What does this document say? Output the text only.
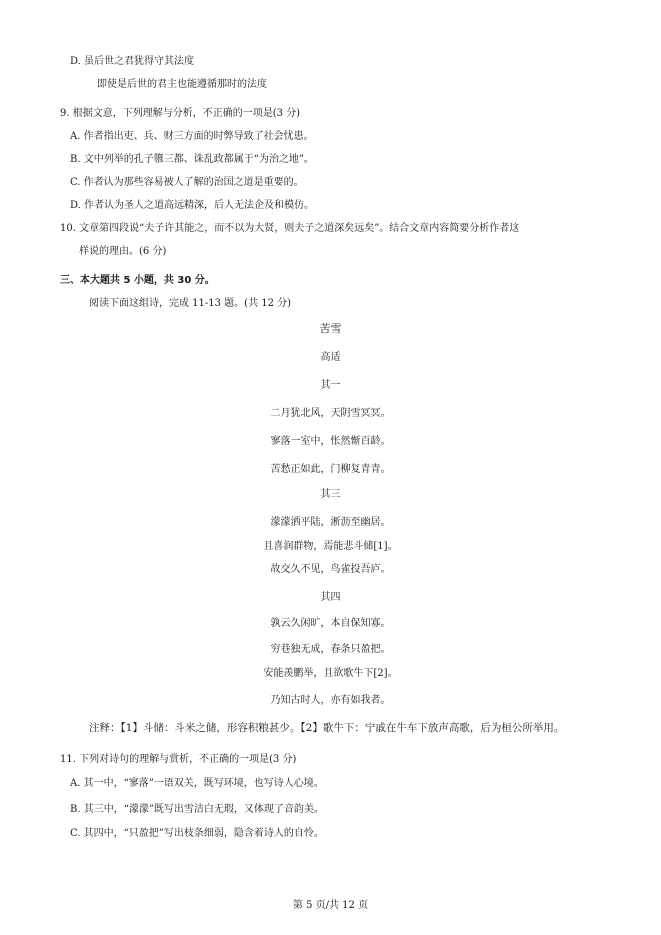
D. 虽后世之君犹得守其法度
即使是后世的君主也能遵循那时的法度
9. 根据文意，下列理解与分析，不正确的一项是(3 分)
A. 作者指出吏、兵、财三方面的时弊导致了社会忧患。
B. 文中列举的孔子隳三都、诛乱政都属于“为治之地”。
C. 作者认为那些容易被人了解的治国之道是重要的。
D. 作者认为圣人之道高远精深，后人无法企及和模仿。
10. 文章第四段说“夫子许其能之，而不以为大贤，则夫子之道深矣远矣”。结合文章内容简要分析作者这
样说的理由。(6 分)
三、本大题共 5 小题，共 30 分。
阅读下面这组诗，完成 11-13 题。(共 12 分)
苦雪
高适
其一
二月犹北风，天阴雪冥冥。
寥落一室中，怅然惭百龄。
苦愁正如此，门柳复青青。
其三
濛濛洒平陆，淅沥至幽居。
且喜润群物，焉能悲斗储[1]。
故交久不见，鸟雀投吾庐。
其四
孰云久闲旷，本自保知寡。
穷巷独无成，春条只盈把。
安能羡鹏举，且欲歌牛下[2]。
乃知古时人，亦有如我者。
注释：【1】斗储：斗米之储，形容积粮甚少。【2】歌牛下：宁戚在牛车下放声高歌，后为桓公所举用。
11. 下列对诗句的理解与赏析，不正确的一项是(3 分)
A. 其一中，“寥落”一语双关，既写环境，也写诗人心境。
B. 其三中，“濛濛”既写出雪洁白无瑕，又体现了音韵美。
C. 其四中，“只盈把”写出枝条细弱，隐含着诗人的自怜。
第 5 页/共 12 页
